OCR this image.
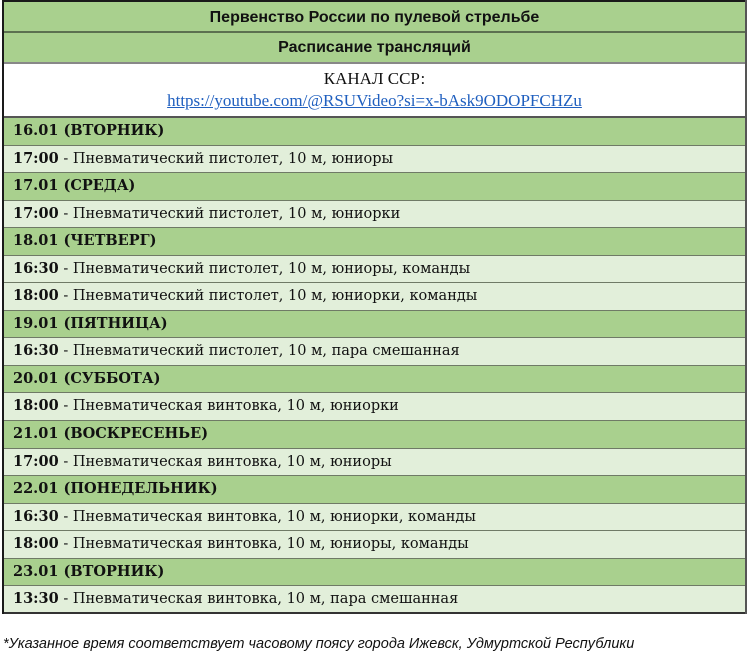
Первенство России по пулевой стрельбе
Расписание трансляций
КАНАЛ ССР:
https://youtube.com/@RSUVideo?si=x-bAsk9ODOPFCHZu
16.01 (ВТОРНИК)
17:00 - Пневматический пистолет, 10 м, юниоры
17.01 (СРЕДА)
17:00 - Пневматический пистолет, 10 м, юниорки
18.01 (ЧЕТВЕРГ)
16:30 - Пневматический пистолет, 10 м, юниоры, команды
18:00 - Пневматический пистолет, 10 м, юниорки, команды
19.01 (ПЯТНИЦА)
16:30 - Пневматический пистолет, 10 м, пара смешанная
20.01 (СУББОТА)
18:00 - Пневматическая винтовка, 10 м, юниорки
21.01 (ВОСКРЕСЕНЬЕ)
17:00 - Пневматическая винтовка, 10 м, юниоры
22.01 (ПОНЕДЕЛЬНИК)
16:30 - Пневматическая винтовка, 10 м, юниорки, команды
18:00 - Пневматическая винтовка, 10 м, юниоры, команды
23.01 (ВТОРНИК)
13:30 - Пневматическая винтовка, 10 м, пара смешанная
*Указанное время соответствует часовому поясу города Ижевск, Удмуртской Республики
